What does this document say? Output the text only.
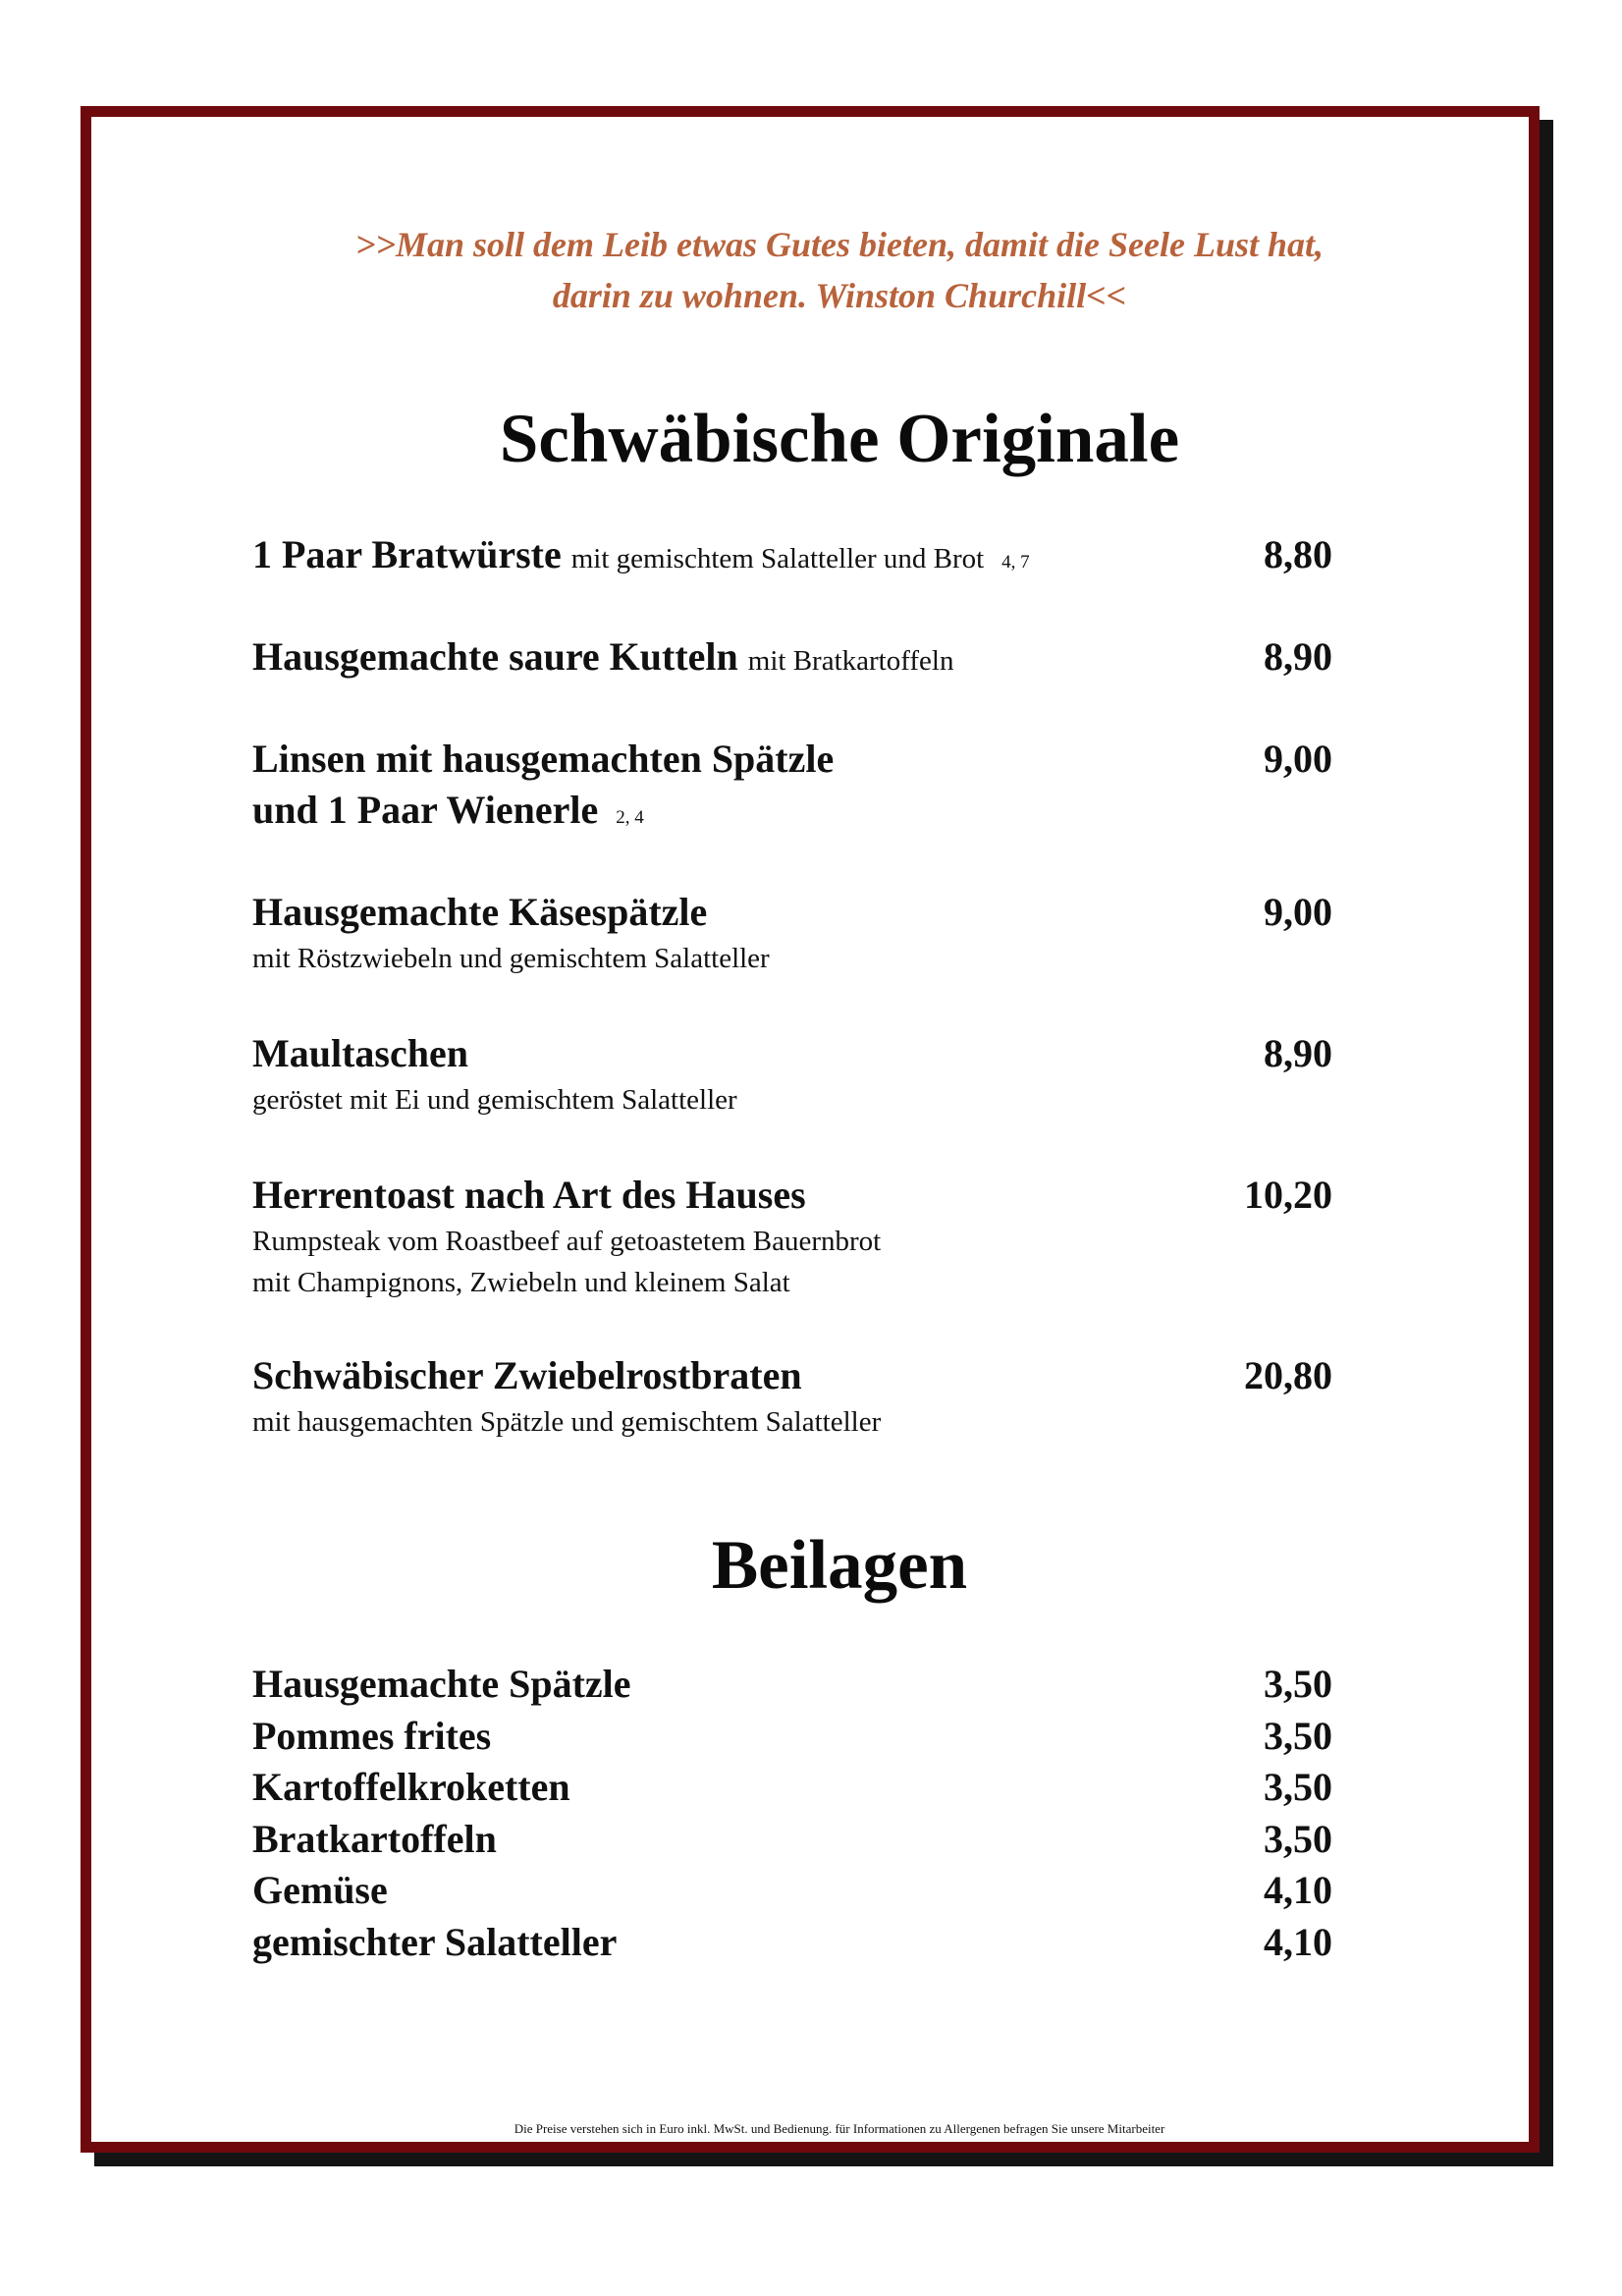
>>Man soll dem Leib etwas Gutes bieten, damit die Seele Lust hat,
darin zu wohnen. Winston Churchill<<
Schwäbische Originale
1 Paar Bratwürste mit gemischtem Salatteller und Brot 4, 7	8,80
Hausgemachte saure Kutteln mit Bratkartoffeln	8,90
Linsen mit hausgemachten Spätzle	9,00
und 1 Paar Wienerle 2, 4
Hausgemachte Käsespätzle	9,00
mit Röstzwiebeln und gemischtem Salatteller
Maultaschen	8,90
geröstet mit Ei und gemischtem Salatteller
Herrentoast nach Art des Hauses	10,20
Rumpsteak vom Roastbeef auf getoastetem Bauernbrot
mit Champignons, Zwiebeln und kleinem Salat
Schwäbischer Zwiebelrostbraten	20,80
mit hausgemachten Spätzle und gemischtem Salatteller
Beilagen
Hausgemachte Spätzle	3,50
Pommes frites	3,50
Kartoffelkroketten	3,50
Bratkartoffeln	3,50
Gemüse	4,10
gemischter Salatteller	4,10
Die Preise verstehen sich in Euro inkl. MwSt. und Bedienung. für Informationen zu Allergenen befragen Sie unsere Mitarbeiter
